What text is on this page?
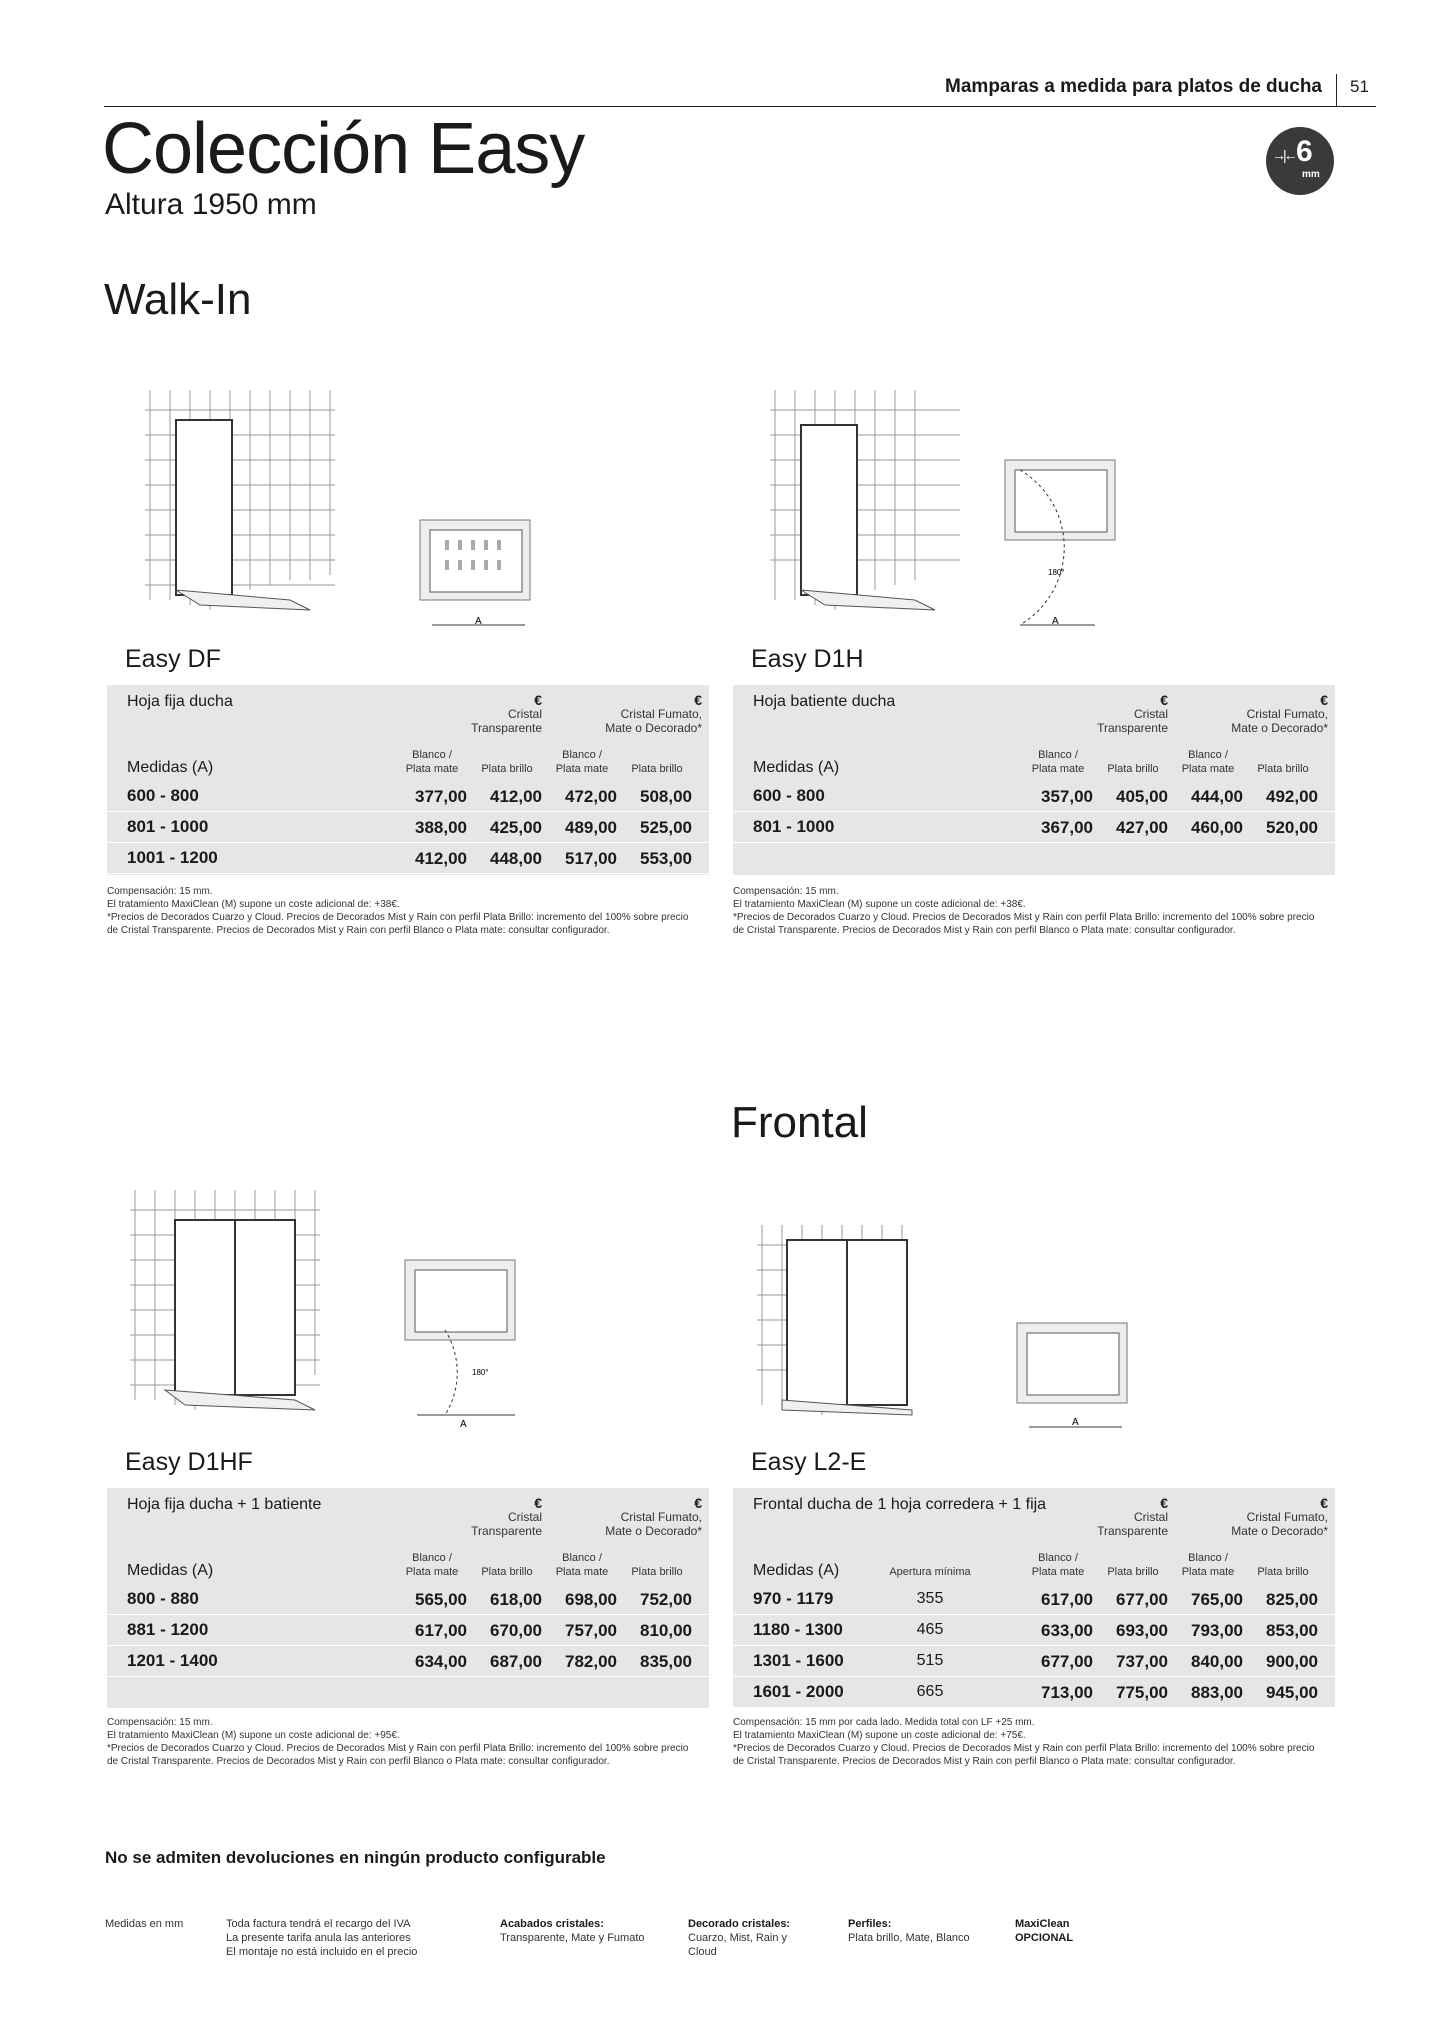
Mamparas a medida para platos de ducha 51
Colección Easy
Altura 1950 mm
→|← 6
mm
Walk-In
Frontal
A
180°
A
180°
A	A
Easy DF
Hoja fija ducha	€
Cristal
Transparente
€
Cristal Fumato,
Mate o Decorado*
Blanco /
Plata mate	Plata brillo
Blanco /
Plata mate	Plata brillo
Medidas (A)
600 - 800	377,00	412,00	472,00	508,00
801 - 1000	388,00	425,00	489,00	525,00
1001 - 1200	412,00	448,00	517,00	553,00

Compensación: 15 mm.

El tratamiento MaxiClean (M) supone un coste adicional de: +38€.

*Precios de Decorados Cuarzo y Cloud. Precios de Decorados Mist y Rain con perfil Plata Brillo: incremento del 100% sobre precio de Cristal Transparente. Precios de Decorados Mist y Rain con perfil Blanco o Plata mate: consultar configurador.

Easy D1H
Hoja batiente ducha	€
Cristal
Transparente
€
Cristal Fumato,
Mate o Decorado*
Blanco /
Plata mate	Plata brillo
Blanco /
Plata mate	Plata brillo
Medidas (A)
600 - 800	357,00	405,00	444,00	492,00
801 - 1000	367,00	427,00	460,00	520,00

Compensación: 15 mm.

El tratamiento MaxiClean (M) supone un coste adicional de: +38€.

*Precios de Decorados Cuarzo y Cloud. Precios de Decorados Mist y Rain con perfil Plata Brillo: incremento del 100% sobre precio de Cristal Transparente. Precios de Decorados Mist y Rain con perfil Blanco o Plata mate: consultar configurador.

Easy D1HF
Hoja fija ducha + 1 batiente	€
Cristal
Transparente
€
Cristal Fumato,
Mate o Decorado*
Blanco /
Plata mate	Plata brillo
Blanco /
Plata mate	Plata brillo
Medidas (A)
800 - 880	565,00	618,00	698,00	752,00
881 - 1200	617,00	670,00	757,00	810,00
1201 - 1400	634,00	687,00	782,00	835,00

Compensación: 15 mm.

El tratamiento MaxiClean (M) supone un coste adicional de: +95€.

*Precios de Decorados Cuarzo y Cloud. Precios de Decorados Mist y Rain con perfil Plata Brillo: incremento del 100% sobre precio de Cristal Transparente. Precios de Decorados Mist y Rain con perfil Blanco o Plata mate: consultar configurador.

Easy L2-E
Frontal ducha de 1 hoja corredera + 1 fija	€
Cristal
Transparente
€
Cristal Fumato,
Mate o Decorado*
Blanco /
Plata mate	Plata brillo
Blanco /
Plata mate	Plata brillo
Medidas (A)	Apertura mínima
970 - 1179	355	617,00	677,00	765,00	825,00
1180 - 1300	465	633,00	693,00	793,00	853,00
1301 - 1600	515	677,00	737,00	840,00	900,00
1601 - 2000	665	713,00	775,00	883,00	945,00

Compensación: 15 mm por cada lado. Medida total con LF +25 mm.

El tratamiento MaxiClean (M) supone un coste adicional de: +75€.

*Precios de Decorados Cuarzo y Cloud. Precios de Decorados Mist y Rain con perfil Plata Brillo: incremento del 100% sobre precio de Cristal Transparente. Precios de Decorados Mist y Rain con perfil Blanco o Plata mate: consultar configurador.

No se admiten devoluciones en ningún producto configurable
Medidas en mm	Toda factura tendrá el recargo del IVA
La presente tarifa anula las anteriores
El montaje no está incluido en el precio
Acabados cristales:
Transparente, Mate y Fumato
Decorado cristales:
Cuarzo, Mist, Rain y
Cloud
Perfiles:
Plata brillo, Mate, Blanco
MaxiClean
OPCIONAL
